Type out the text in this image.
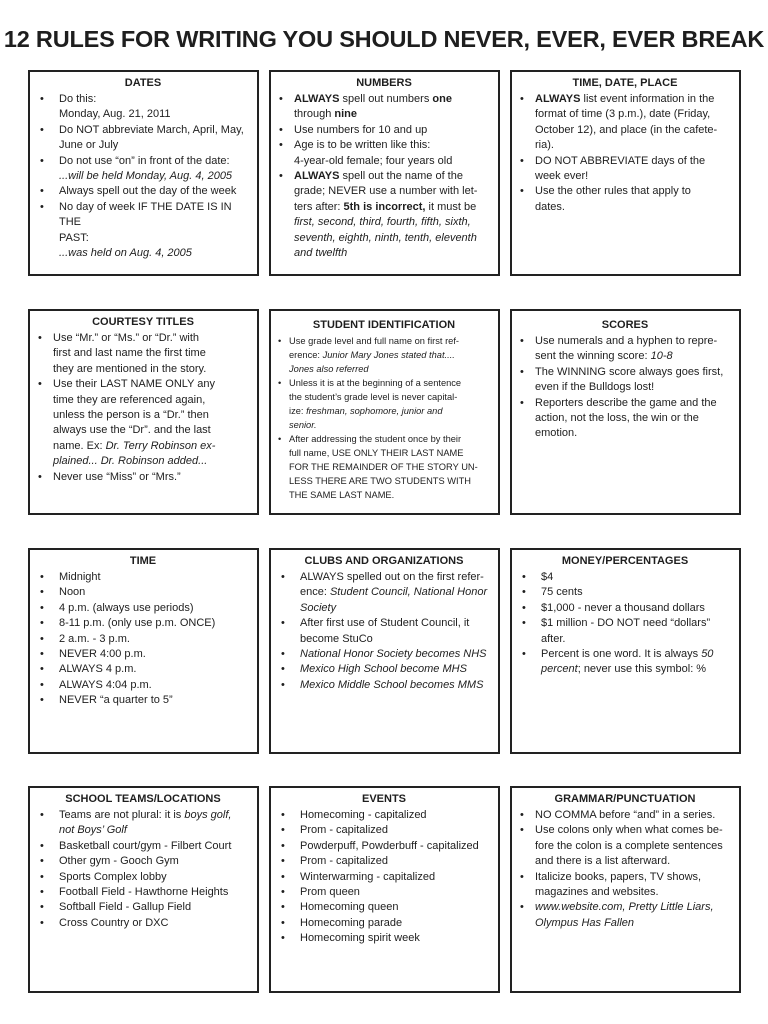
12 RULES FOR WRITING YOU SHOULD NEVER, EVER, EVER BREAK
DATES
• Do this:
Monday, Aug. 21, 2011
• Do NOT abbreviate March, April, May,
June or July
• Do not use “on” in front of the date:
...will be held Monday, Aug. 4, 2005
• Always spell out the day of the week
• No day of week IF THE DATE IS IN THE
PAST:
...was held on Aug. 4, 2005
NUMBERS
• ALWAYS spell out numbers one
through nine
• Use numbers for 10 and up
• Age is to be written like this:
4-year-old female; four years old
• ALWAYS spell out the name of the
grade; NEVER use a number with let-
ters after: 5th is incorrect, it must be
first, second, third, fourth, fifth, sixth,
seventh, eighth, ninth, tenth, eleventh
and twelfth
TIME, DATE, PLACE
• ALWAYS list event information in the
format of time (3 p.m.), date (Friday,
October 12), and place (in the cafete-
ria).
• DO NOT ABBREVIATE days of the
week ever!
• Use the other rules that apply to
dates.
COURTESY TITLES
• Use “Mr.” or “Ms.” or “Dr.” with
first and last name the first time
they are mentioned in the story.
• Use their LAST NAME ONLY any
time they are referenced again,
unless the person is a “Dr.” then
always use the “Dr”. and the last
name. Ex: Dr. Terry Robinson ex-
plained... Dr. Robinson added...
• Never use “Miss” or “Mrs.”
STUDENT IDENTIFICATION
• Use grade level and full name on first ref-
erence: Junior Mary Jones stated that....
Jones also referred
• Unless it is at the beginning of a sentence
the student’s grade level is never capital-
ize: freshman, sophomore, junior and
senior.
• After addressing the student once by their
full name, USE ONLY THEIR LAST NAME
FOR THE REMAINDER OF THE STORY UN-
LESS THERE ARE TWO STUDENTS WITH
THE SAME LAST NAME.
SCORES
• Use numerals and a hyphen to repre-
sent the winning score: 10-8
• The WINNING score always goes first,
even if the Bulldogs lost!
• Reporters describe the game and the
action, not the loss, the win or the
emotion.
TIME
• Midnight
• Noon
• 4 p.m. (always use periods)
• 8-11 p.m. (only use p.m. ONCE)
• 2 a.m. - 3 p.m.
• NEVER 4:00 p.m.
• ALWAYS 4 p.m.
• ALWAYS 4:04 p.m.
• NEVER “a quarter to 5”
CLUBS AND ORGANIZATIONS
• ALWAYS spelled out on the first refer-
ence: Student Council, National Honor
Society
• After first use of Student Council, it
become StuCo
• National Honor Society becomes NHS
• Mexico High School become MHS
• Mexico Middle School becomes MMS
MONEY/PERCENTAGES
• $4
• 75 cents
• $1,000 - never a thousand dollars
• $1 million - DO NOT need “dollars”
after.
• Percent is one word. It is always 50
percent; never use this symbol: %
SCHOOL TEAMS/LOCATIONS
• Teams are not plural: it is boys golf,
not Boys’ Golf
• Basketball court/gym - Filbert Court
• Other gym - Gooch Gym
• Sports Complex lobby
• Football Field - Hawthorne Heights
• Softball Field - Gallup Field
• Cross Country or DXC
EVENTS
• Homecoming - capitalized
• Prom - capitalized
• Powderpuff, Powderbuff - capitalized
• Prom - capitalized
• Winterwarming - capitalized
• Prom queen
• Homecoming queen
• Homecoming parade
• Homecoming spirit week
GRAMMAR/PUNCTUATION
• NO COMMA before “and” in a series.
• Use colons only when what comes be-
fore the colon is a complete sentences
and there is a list afterward.
• Italicize books, papers, TV shows,
magazines and websites.
• www.website.com, Pretty Little Liars,
Olympus Has Fallen
